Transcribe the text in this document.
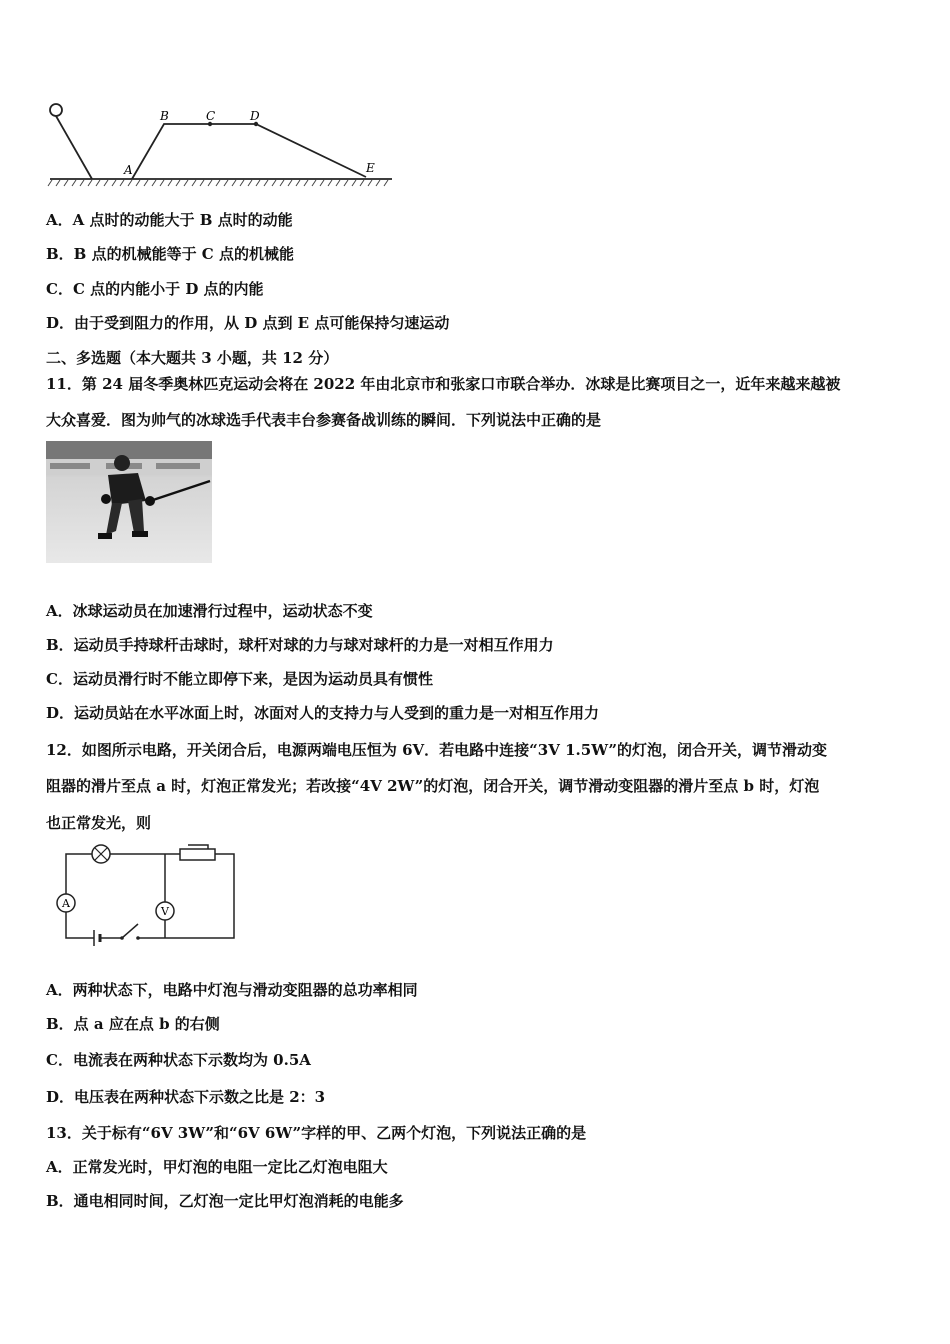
A
B	C	D
E
A．A 点时的动能大于 B 点时的动能
B．B 点的机械能等于 C 点的机械能
C．C 点的内能小于 D 点的内能
D．由于受到阻力的作用，从 D 点到 E 点可能保持匀速运动
二、多选题（本大题共 3 小题，共 12 分）
11．第 24 届冬季奥林匹克运动会将在 2022 年由北京市和张家口市联合举办．冰球是比赛项目之一，近年来越来越被
大众喜爱．图为帅气的冰球选手代表丰台参赛备战训练的瞬间．下列说法中正确的是
A．冰球运动员在加速滑行过程中，运动状态不变
B．运动员手持球杆击球时，球杆对球的力与球对球杆的力是一对相互作用力
C．运动员滑行时不能立即停下来，是因为运动员具有惯性
D．运动员站在水平冰面上时，冰面对人的支持力与人受到的重力是一对相互作用力
12．如图所示电路，开关闭合后，电源两端电压恒为 6V．若电路中连接“3V 1.5W”的灯泡，闭合开关，调节滑动变
阻器的滑片至点 a 时，灯泡正常发光；若改接“4V 2W”的灯泡，闭合开关，调节滑动变阻器的滑片至点 b 时，灯泡
也正常发光，则
A
V
A．两种状态下，电路中灯泡与滑动变阻器的总功率相同
B．点 a 应在点 b 的右侧
C．电流表在两种状态下示数均为 0.5A
D．电压表在两种状态下示数之比是 2：3
13．关于标有“6V 3W”和“6V 6W”字样的甲、乙两个灯泡，下列说法正确的是
A．正常发光时，甲灯泡的电阻一定比乙灯泡电阻大
B．通电相同时间，乙灯泡一定比甲灯泡消耗的电能多
